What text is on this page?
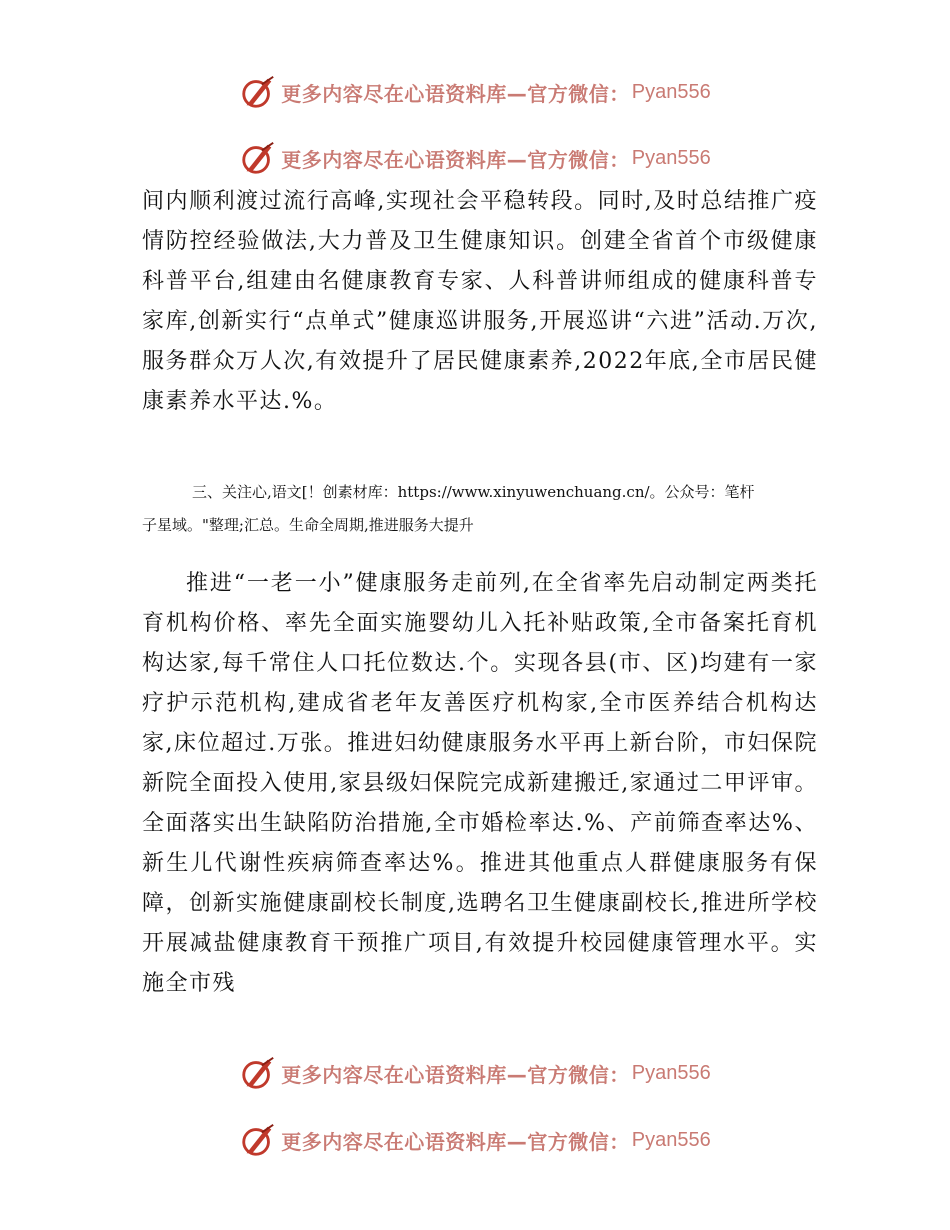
更多内容尽在心语资料库—官方微信： Pyan556
更多内容尽在心语资料库—官方微信： Pyan556

间内顺利渡过流行高峰,实现社会平稳转段。同时,及时总结推广疫情防控经验做法,大力普及卫生健康知识。创建全省首个市级健康科普平台,组建由名健康教育专家、人科普讲师组成的健康科普专家库,创新实行“点单式”健康巡讲服务,开展巡讲“六进”活动.万次,服务群众万人次,有效提升了居民健康素养,2022年底,全市居民健康素养水平达.%。

三、关注心,语文[！创素材库：https://www.xinyuwenchuang.cn/。公众号：笔杆
子星域。"整理;汇总。生命全周期,推进服务大提升

推进“一老一小”健康服务走前列,在全省率先启动制定两类托育机构价格、率先全面实施婴幼儿入托补贴政策,全市备案托育机构达家,每千常住人口托位数达.个。实现各县(市、区)均建有一家疗护示范机构,建成省老年友善医疗机构家,全市医养结合机构达家,床位超过.万张。推进妇幼健康服务水平再上新台阶，市妇保院新院全面投入使用,家县级妇保院完成新建搬迁,家通过二甲评审。全面落实出生缺陷防治措施,全市婚检率达.%、产前筛查率达%、新生儿代谢性疾病筛查率达%。推进其他重点人群健康服务有保障，创新实施健康副校长制度,选聘名卫生健康副校长,推进所学校开展减盐健康教育干预推广项目,有效提升校园健康管理水平。实施全市残

更多内容尽在心语资料库—官方微信： Pyan556
更多内容尽在心语资料库—官方微信： Pyan556
